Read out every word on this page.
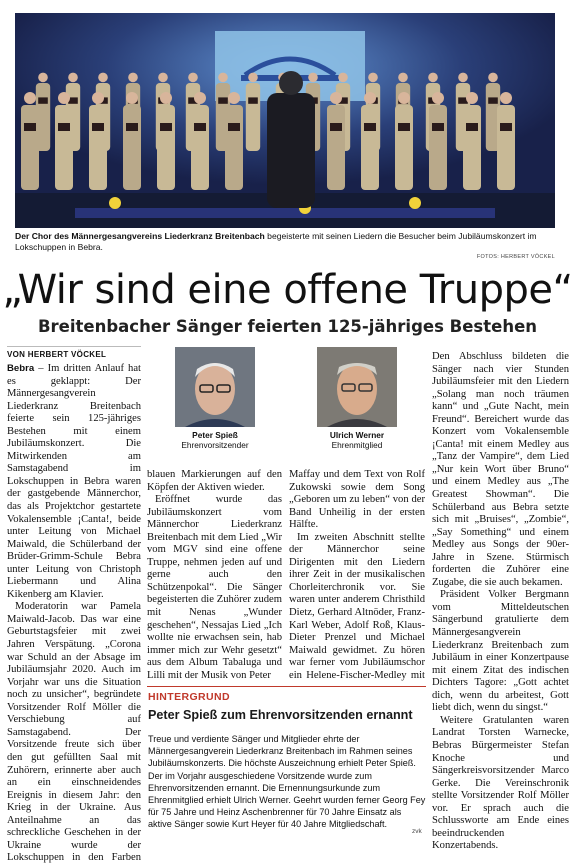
Der Chor des Männergesangvereins Liederkranz Breitenbach begeisterte mit seinen Liedern die Besucher beim Jubiläumskonzert im Lokschuppen in Bebra.
FOTOS: HERBERT VÖCKEL
„Wir sind eine offene Truppe“
Breitenbacher Sänger feierten 125-jähriges Bestehen
VON HERBERT VÖCKEL

Bebra – Im dritten Anlauf hat es geklappt: Der Männergesangverein Liederkranz Breitenbach feierte sein 125-jähriges Bestehen mit einem Jubiläumskonzert. Die Mitwirkenden am Samstagabend im Lokschuppen in Bebra waren der gastgebende Männerchor, das als Projektchor gestartete Vokalensemble ¡Canta!, beide unter Leitung von Michael Maiwald, die Schülerband der Brüder-Grimm-Schule Bebra unter Leitung von Christoph Liebermann und Alina Kikenberg am Klavier.

Moderatorin war Pamela Maiwald-Jacob. Das war eine Geburtstagsfeier mit zwei Jahren Verspätung. „Corona war Schuld an der Absage im Jubiläumsjahr 2020. Auch im Vorjahr war uns die Situation noch zu unsicher“, begründete Vorsitzender Rolf Möller die Verschiebung auf Samstagabend. Der Vorsitzende freute sich über den gut gefüllten Saal mit Zuhörern, erinnerte aber auch an ein einschneidendes Ereignis in diesem Jahr: den Krieg in der Ukraine. Aus Anteilnahme an das schreckliche Geschehen in der Ukraine wurde der Lokschuppen in den Farben

Peter Spieß
Ehrenvorsitzender
Ulrich Werner
Ehrenmitglied

blauen Markierungen auf den Köpfen der Aktiven wieder.

Eröffnet wurde das Jubiläumskonzert vom Männerchor Liederkranz Breitenbach mit dem Lied „Wir vom MGV sind eine offene Truppe, nehmen jeden auf und gerne auch den Schützenpokal“. Die Sänger begeisterten die Zuhörer zudem mit Nenas „Wunder geschehen“, Nessajas Lied „Ich wollte nie erwachsen sein, hab immer mich zur Wehr gesetzt“ aus dem Album Tabaluga und Lilli mit der Musik von Peter

Maffay und dem Text von Rolf Zukowski sowie dem Song „Geboren um zu leben“ von der Band Unheilig in der ersten Hälfte.

Im zweiten Abschnitt stellte der Männerchor seine Dirigenten mit den Liedern ihrer Zeit in der musikalischen Chorleiterchronik vor. Sie waren unter anderem Christhild Dietz, Gerhard Altnöder, Franz-Karl Weber, Adolf Roß, Klaus-Dieter Prenzel und Michael Maiwald gewidmet. Zu hören war ferner vom Jubiläumschor ein Helene-Fischer-Medley mit

Den Abschluss bildeten die Sänger nach vier Stunden Jubiläumsfeier mit den Liedern „Solang man noch träumen kann“ und „Gute Nacht, mein Freund“. Bereichert wurde das Konzert vom Vokalensemble ¡Canta! mit einem Medley aus „Tanz der Vampire“, dem Lied „Nur kein Wort über Bruno“ und einem Medley aus „The Greatest Showman“. Die Schülerband aus Bebra setzte sich mit „Bruises“, „Zombie“, „Say Something“ und einem Medley aus Songs der 90er-Jahre in Szene. Stürmisch forderten die Zuhörer eine Zugabe, die sie auch bekamen.

Präsident Volker Bergmann vom Mitteldeutschen Sängerbund gratulierte dem Männergesangverein Liederkranz Breitenbach zum Jubiläum in einer Konzertpause mit einem Zitat des indischen Dichters Tagore: „Gott achtet dich, wenn du arbeitest, Gott liebt dich, wenn du singst.“

Weitere Gratulanten waren Landrat Torsten Warnecke, Bebras Bürgermeister Stefan Knoche und Sängerkreisvorsitzender Marco Gerke. Die Vereinschronik stellte Vorsitzender Rolf Möller vor. Er sprach auch die Schlussworte am Ende eines beeindruckenden Konzertabends.

HINTERGRUND
Peter Spieß zum Ehrenvorsitzenden ernannt
Treue und verdiente Sänger und Mitglieder ehrte der Männergesangverein Liederkranz Breitenbach im Rahmen seines Jubiläumskonzerts. Die höchste Auszeichnung erhielt Peter Spieß. Der im Vorjahr ausgeschiedene Vorsitzende wurde zum Ehrenvorsitzenden ernannt. Die Ernennungsurkunde zum Ehrenmitglied erhielt Ulrich Werner. Geehrt wurden ferner Georg Fey für 75 Jahre und Heinz Aschenbrenner für 70 Jahre Einsatz als aktive Sänger sowie Kurt Heyer für 40 Jahre Mitgliedschaft.
zvk
